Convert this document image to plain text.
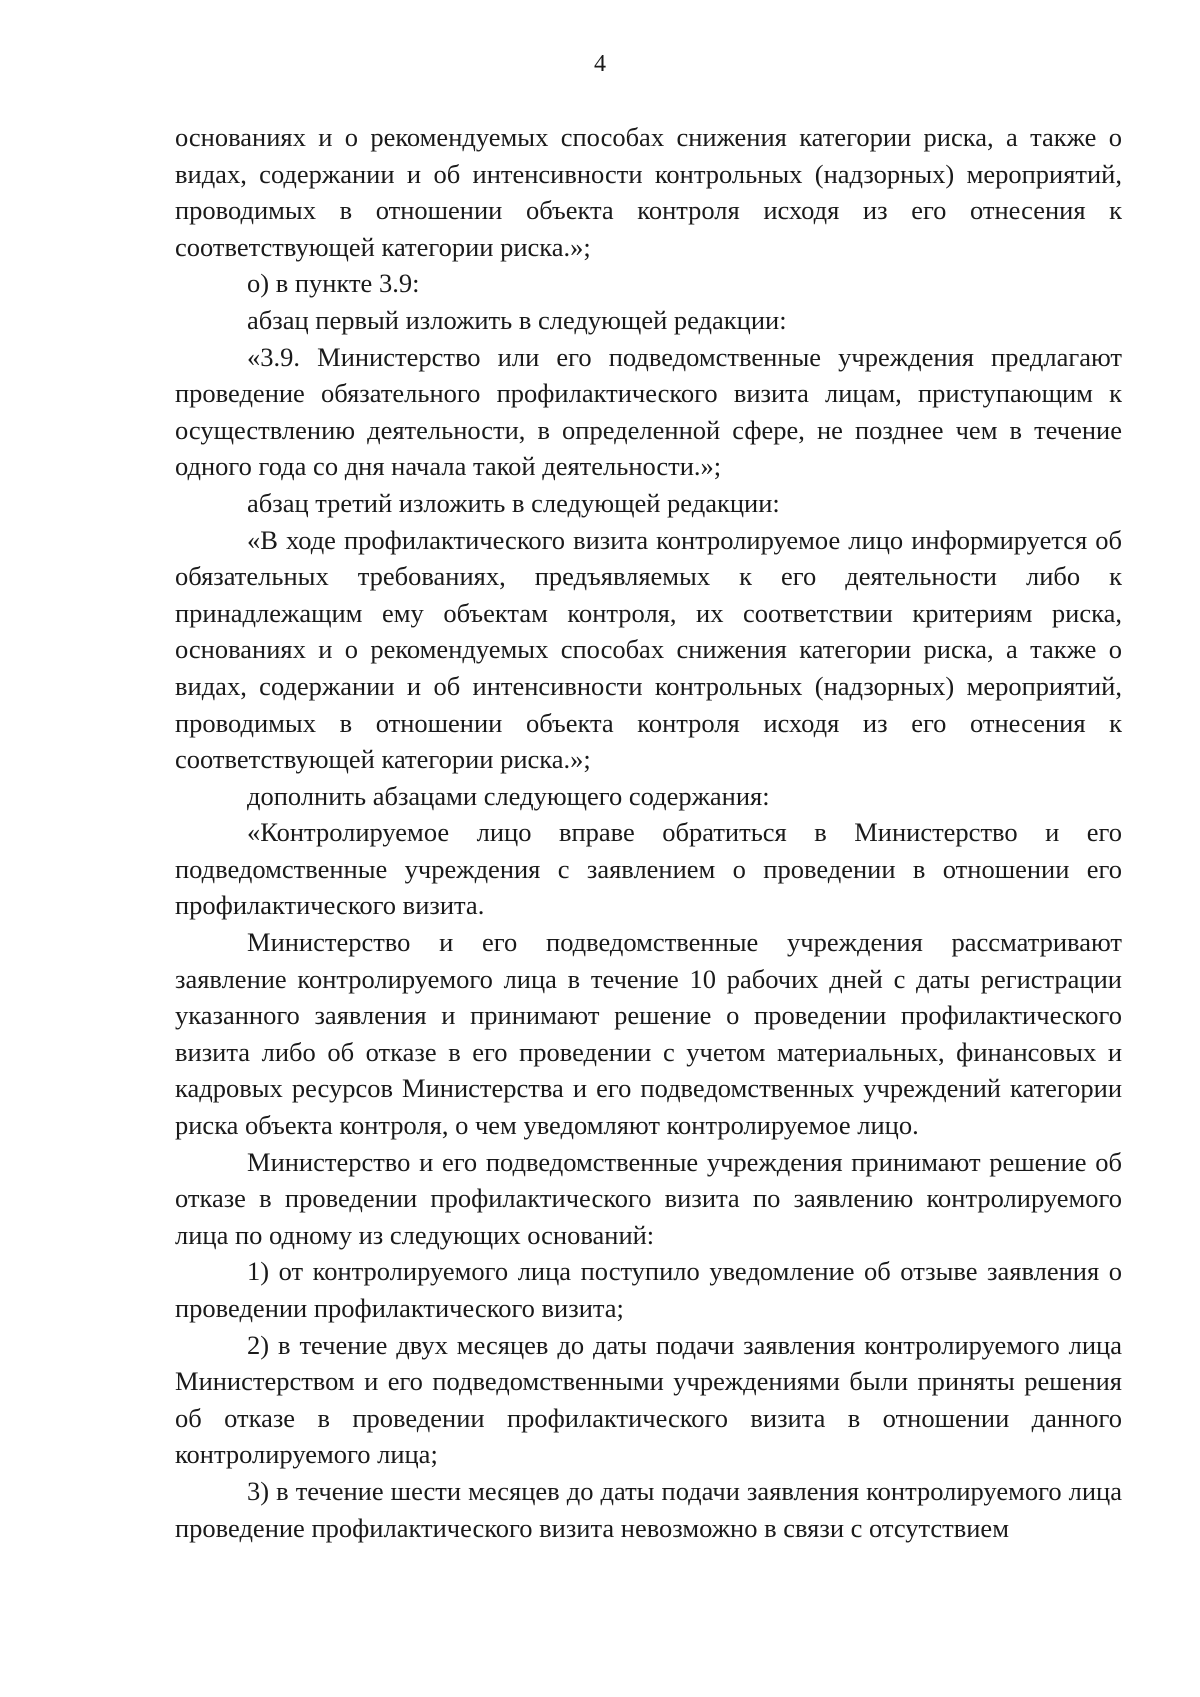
4

основаниях и о рекомендуемых способах снижения категории риска, а также о видах, содержании и об интенсивности контрольных (надзорных) мероприятий, проводимых в отношении объекта контроля исходя из его отнесения к соответствующей категории риска.»;

о) в пункте 3.9:

абзац первый изложить в следующей редакции:

«3.9. Министерство или его подведомственные учреждения предлагают проведение обязательного профилактического визита лицам, приступающим к осуществлению деятельности, в определенной сфере, не позднее чем в течение одного года со дня начала такой деятельности.»;

абзац третий изложить в следующей редакции:

«В ходе профилактического визита контролируемое лицо информируется об обязательных требованиях, предъявляемых к его деятельности либо к принадлежащим ему объектам контроля, их соответствии критериям риска, основаниях и о рекомендуемых способах снижения категории риска, а также о видах, содержании и об интенсивности контрольных (надзорных) мероприятий, проводимых в отношении объекта контроля исходя из его отнесения к соответствующей категории риска.»;

дополнить абзацами следующего содержания:

«Контролируемое лицо вправе обратиться в Министерство и его подведомственные учреждения с заявлением о проведении в отношении его профилактического визита.

Министерство и его подведомственные учреждения рассматривают заявление контролируемого лица в течение 10 рабочих дней с даты регистрации указанного заявления и принимают решение о проведении профилактического визита либо об отказе в его проведении с учетом материальных, финансовых и кадровых ресурсов Министерства и его подведомственных учреждений категории риска объекта контроля, о чем уведомляют контролируемое лицо.

Министерство и его подведомственные учреждения принимают решение об отказе в проведении профилактического визита по заявлению контролируемого лица по одному из следующих оснований:

1) от контролируемого лица поступило уведомление об отзыве заявления о проведении профилактического визита;

2) в течение двух месяцев до даты подачи заявления контролируемого лица Министерством и его подведомственными учреждениями были приняты решения об отказе в проведении профилактического визита в отношении данного контролируемого лица;

3) в течение шести месяцев до даты подачи заявления контролируемого лица проведение профилактического визита невозможно в связи с отсутствием
